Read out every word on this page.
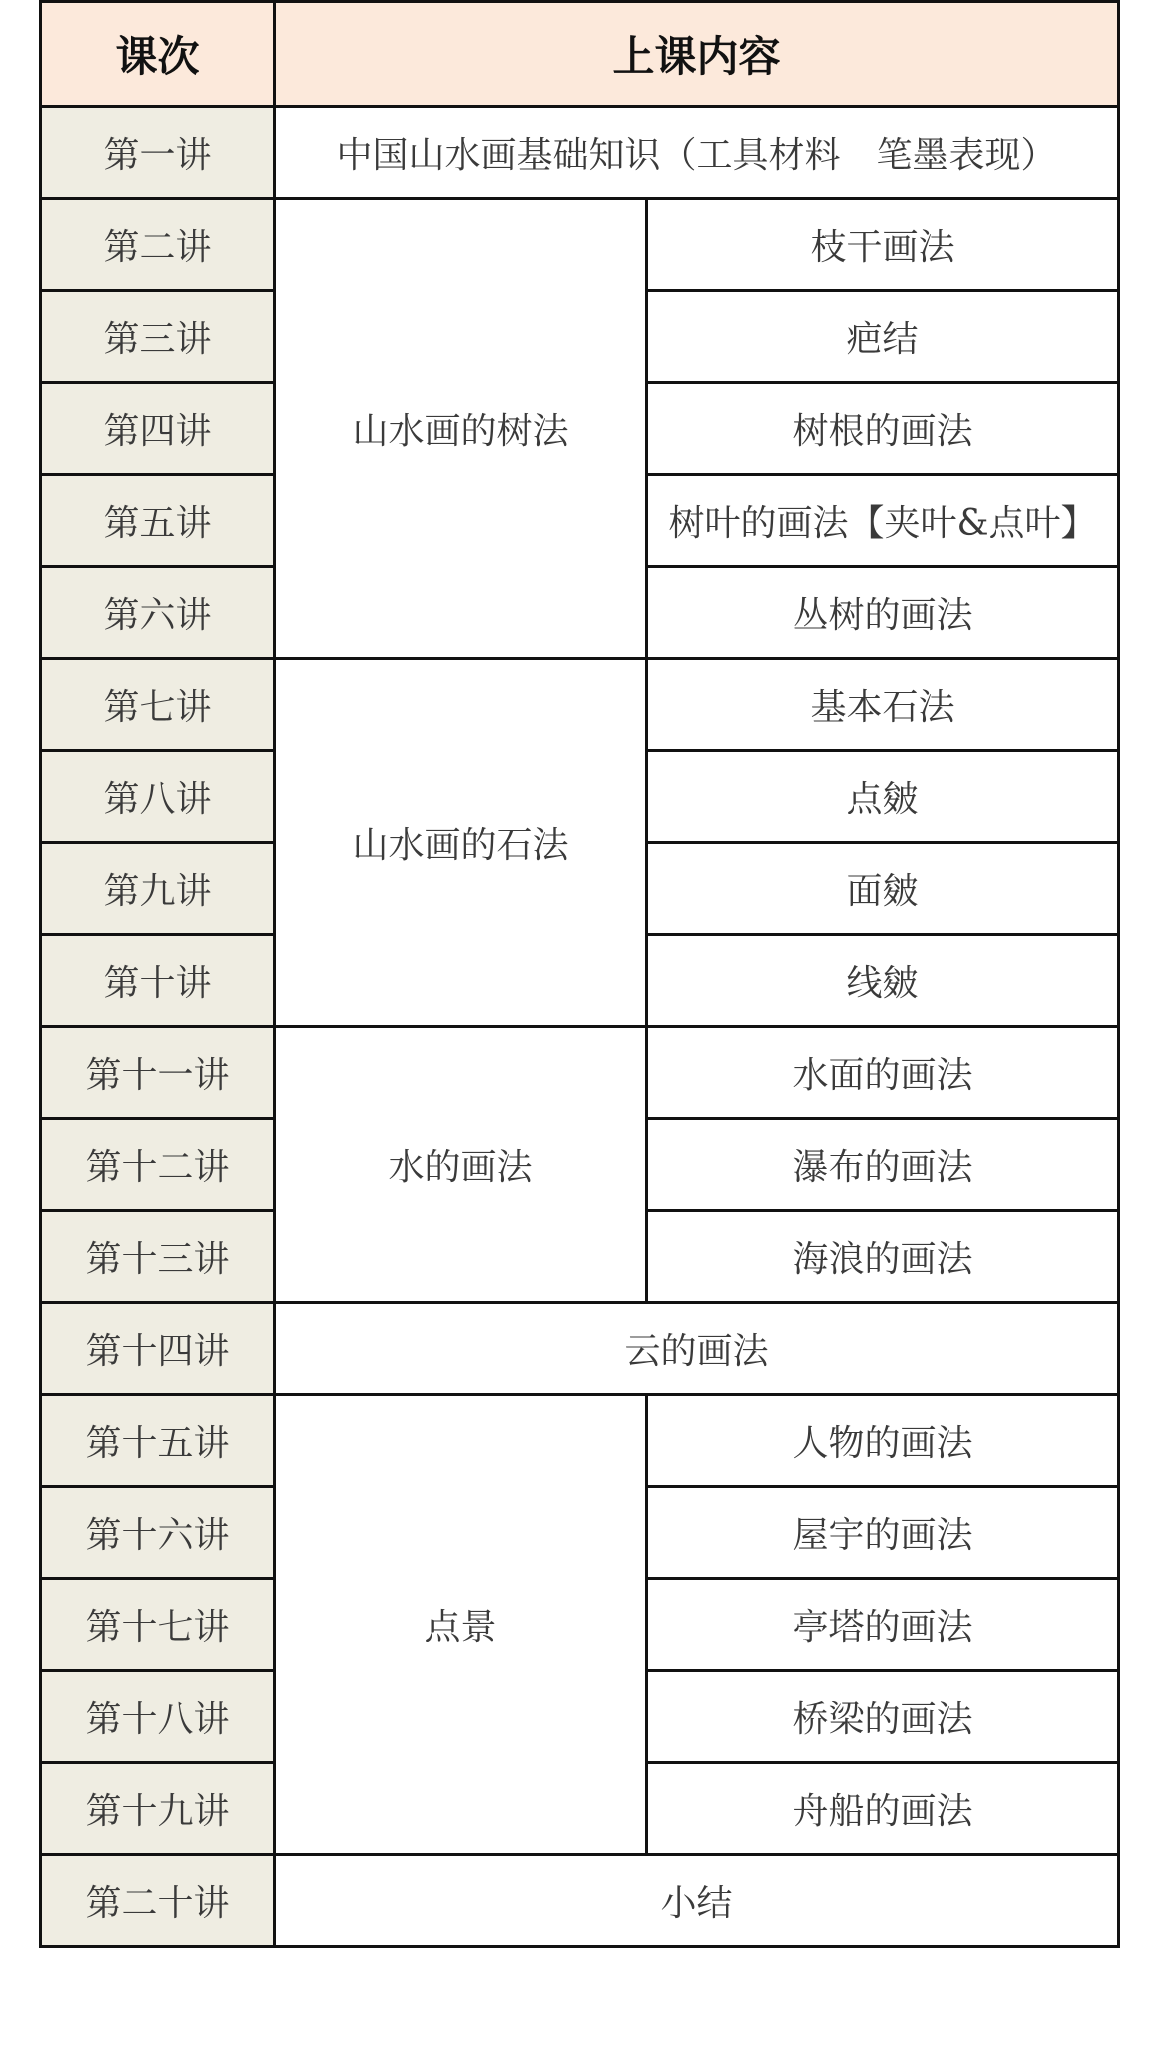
课次	上课内容	
第一讲	中国山水画基础知识（工具材料　笔墨表现）	
第二讲	山水画的树法	枝干画法
第三讲		疤结
第四讲		树根的画法
第五讲		树叶的画法【夹叶&点叶】
第六讲		丛树的画法
第七讲	山水画的石法	基本石法
第八讲		点皴
第九讲		面皴
第十讲		线皴
第十一讲	水的画法	水面的画法
第十二讲		瀑布的画法
第十三讲		海浪的画法
第十四讲	云的画法	
第十五讲	点景	人物的画法
第十六讲		屋宇的画法
第十七讲		亭塔的画法
第十八讲		桥梁的画法
第十九讲		舟船的画法
第二十讲	小结	
